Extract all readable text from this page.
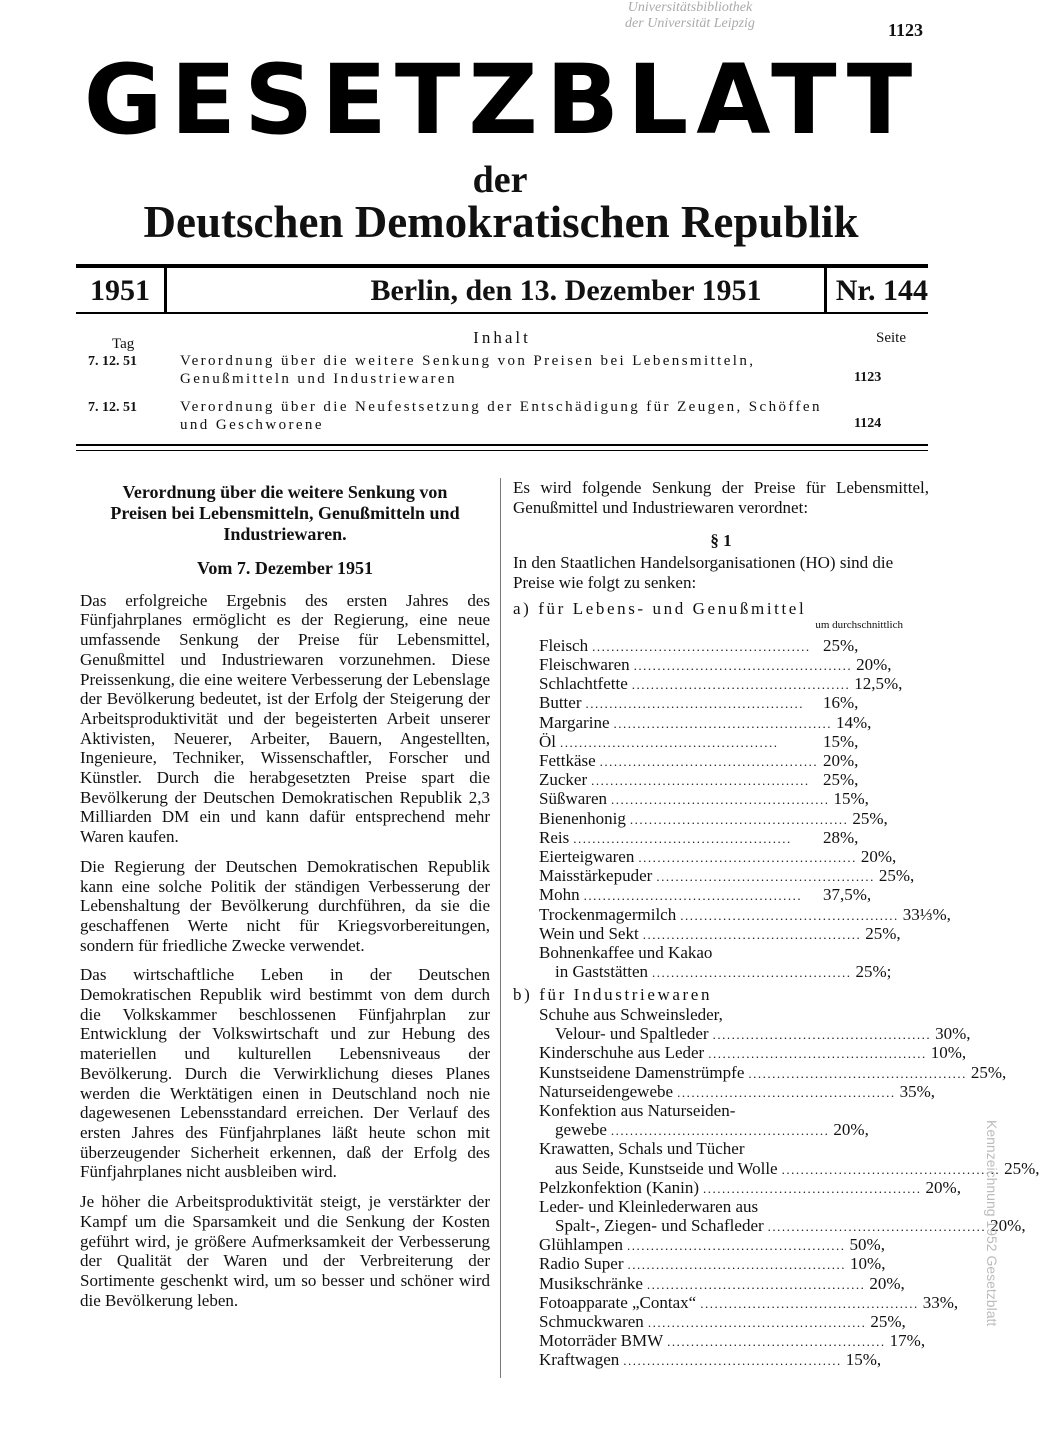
Universitätsbibliothek
der Universität Leipzig	1123
GESETZBLATT
der
Deutschen Demokratischen Republik
1951	Berlin, den 13. Dezember 1951	Nr. 144
Tag	Inhalt	Seite
7. 12. 51	Verordnung über die weitere Senkung von Preisen bei Lebensmitteln, Genußmitteln und Industriewaren	1123
7. 12. 51	Verordnung über die Neufestsetzung der Entschädigung für Zeugen, Schöffen und Geschworene	1124
Verordnung über die weitere Senkung von Preisen bei Lebensmitteln, Genußmitteln und Industriewaren.
Vom 7. Dezember 1951

Das erfolgreiche Ergebnis des ersten Jahres des Fünfjahrplanes ermöglicht es der Regierung, eine neue umfassende Senkung der Preise für Lebensmittel, Genußmittel und Industriewaren vorzunehmen. Diese Preissenkung, die eine weitere Verbesserung der Lebenslage der Bevölkerung bedeutet, ist der Erfolg der Steigerung der Arbeitsproduktivität und der begeisterten Arbeit unserer Aktivisten, Neuerer, Arbeiter, Bauern, Angestellten, Ingenieure, Techniker, Wissenschaftler, Forscher und Künstler. Durch die herabgesetzten Preise spart die Bevölkerung der Deutschen Demokratischen Republik 2,3 Milliarden DM ein und kann dafür entsprechend mehr Waren kaufen.

Die Regierung der Deutschen Demokratischen Republik kann eine solche Politik der ständigen Verbesserung der Lebenshaltung der Bevölkerung durchführen, da sie die geschaffenen Werte nicht für Kriegsvorbereitungen, sondern für friedliche Zwecke verwendet.

Das wirtschaftliche Leben in der Deutschen Demokratischen Republik wird bestimmt von dem durch die Volkskammer beschlossenen Fünfjahrplan zur Entwicklung der Volkswirtschaft und zur Hebung des materiellen und kulturellen Lebensniveaus der Bevölkerung. Durch die Verwirklichung dieses Planes werden die Werktätigen einen in Deutschland noch nie dagewesenen Lebensstandard erreichen. Der Verlauf des ersten Jahres des Fünfjahrplanes läßt heute schon mit überzeugender Sicherheit erkennen, daß der Erfolg des Fünfjahrplanes nicht ausbleiben wird.

Je höher die Arbeitsproduktivität steigt, je verstärkter der Kampf um die Sparsamkeit und die Senkung der Kosten geführt wird, je größere Aufmerksamkeit der Verbesserung der Qualität der Waren und der Verbreiterung der Sortimente geschenkt wird, um so besser und schöner wird die Bevölkerung leben.

Es wird folgende Senkung der Preise für Lebensmittel, Genußmittel und Industriewaren verordnet:

§ 1
In den Staatlichen Handelsorganisationen (HO) sind die Preise wie folgt zu senken:
a) für Lebens- und Genußmittel
um durchschnittlich
Fleisch .............................................. 25%,
Fleischwaren .............................................. 20%,
Schlachtfette .............................................. 12,5%,
Butter ..............................................	16%,
Margarine .............................................. 14%,
Öl ..............................................	15%,
Fettkäse .............................................. 20%,
Zucker .............................................. 25%,
Süßwaren .............................................. 15%,
Bienenhonig .............................................. 25%,
Reis ..............................................	28%,
Eierteigwaren .............................................. 20%,
Maisstärkepuder .............................................. 25%,
Mohn ..............................................	37,5%,
Trockenmagermilch .............................................. 33⅓%,
Wein und Sekt .............................................. 25%,
Bohnenkaffee und Kakao
in Gaststätten .......................................... 25%;
b) für Industriewaren
Schuhe aus Schweinsleder,
Velour- und Spaltleder .............................................. 30%,
Kinderschuhe aus Leder .............................................. 10%,
Kunstseidene Damenstrümpfe .............................................. 25%,
Naturseidengewebe .............................................. 35%,
Konfektion aus Naturseiden-
gewebe .............................................. 20%,
Krawatten, Schals und Tücher
aus Seide, Kunstseide und Wolle .............................................. 25%,
Pelzkonfektion (Kanin) .............................................. 20%,
Leder- und Kleinlederwaren aus
Spalt-, Ziegen- und Schafleder .............................................. 20%,
Glühlampen .............................................. 50%,
Radio Super .............................................. 10%,
Musikschränke .............................................. 20%,
Fotoapparate „Contax“ .............................................. 33%,
Schmuckwaren .............................................. 25%,
Motorräder BMW .............................................. 17%,
Kraftwagen .............................................. 15%,
Kennzeichnung 1952 Gesetzblatt
